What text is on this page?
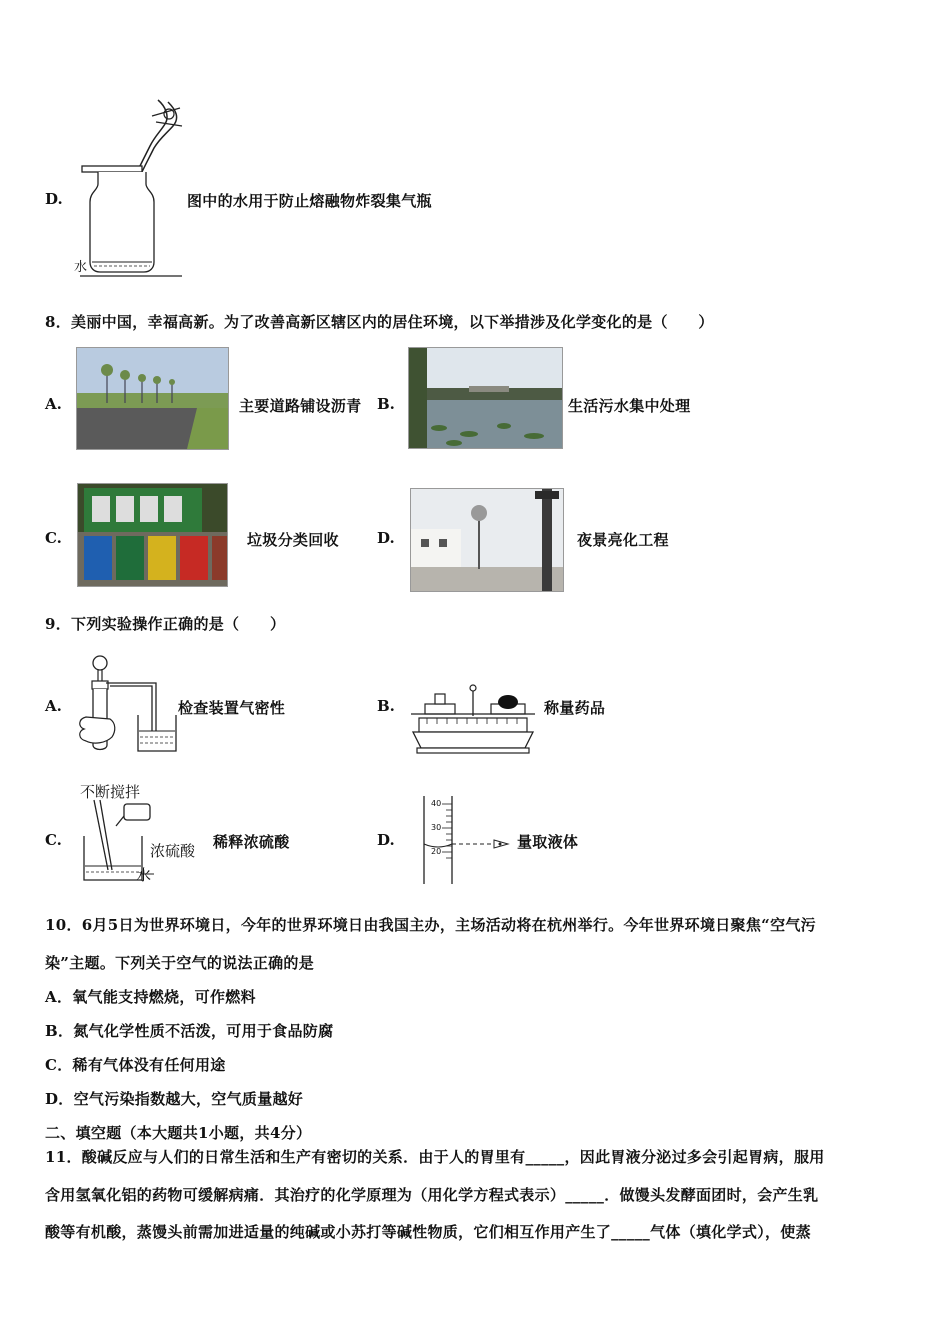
D.
水
图中的水用于防止熔融物炸裂集气瓶
8．美丽中国，幸福高新。为了改善高新区辖区内的居住环境，以下举措涉及化学变化的是（　　）
A.	主要道路铺设沥青 B.	生活污水集中处理
C.	垃圾分类回收	D.	夜景亮化工程
9．下列实验操作正确的是（　　）
A.	检查装置气密性	B.	称量药品
C.
不断搅拌
浓硫酸
水
稀释浓硫酸	D.
40
30
20
量取液体
10．6月5日为世界环境日，今年的世界环境日由我国主办，主场活动将在杭州举行。今年世界环境日聚焦“空气污
染”主题。下列关于空气的说法正确的是
A．氧气能支持燃烧，可作燃料
B．氮气化学性质不活泼，可用于食品防腐
C．稀有气体没有任何用途
D．空气污染指数越大，空气质量越好
二、填空题（本大题共1小题，共4分）
11．酸碱反应与人们的日常生活和生产有密切的关系．由于人的胃里有_____，因此胃液分泌过多会引起胃病，服用
含用氢氧化铝的药物可缓解病痛．其治疗的化学原理为（用化学方程式表示）_____．做馒头发酵面团时，会产生乳
酸等有机酸，蒸馒头前需加进适量的纯碱或小苏打等碱性物质，它们相互作用产生了_____气体（填化学式），使蒸
